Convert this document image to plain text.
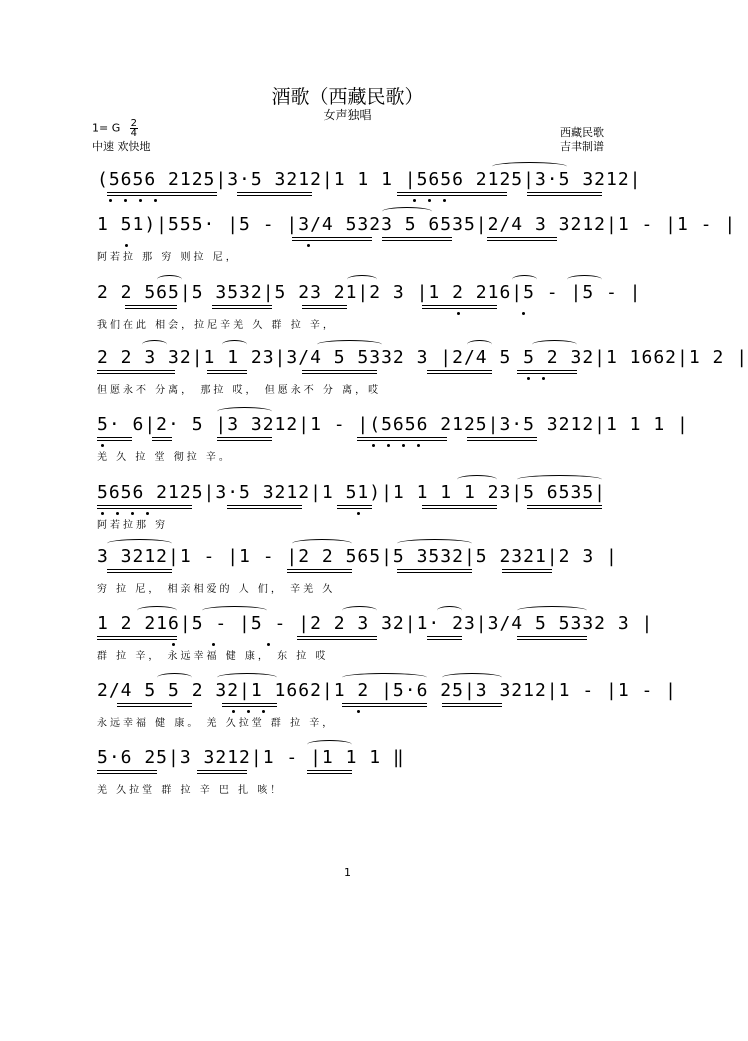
酒歌（西藏民歌）
女声独唱
1= G $\frac{2}{4}$
中速 欢快地
西藏民歌
吉聿制谱
(5656 2125|3·5 3212|1 1 1 |5656 2125|3·5 3212|
1 51)|555· |5 - |3/4 5323 5 6535|2/4 3 3212|1 - |1 - |
阿若拉 那 穷 则拉 尼，
2 2 565|5 3532|5 23 21|2 3 |1 2 216|5 - |5 - |
我们在此 相会，拉尼辛羌 久 群 拉 辛，
2 2 3 32|1 1 23|3/4 5 5332 3 |2/4 5 5 2 32|1 1662|1 2 |
但愿永不 分离， 那拉 哎， 但愿永不 分 离，哎
5· 6|2· 5 |3 3212|1 - |(5656 2125|3·5 3212|1 1 1 |
羌 久 拉 堂 彻拉 辛。
5656 2125|3·5 3212|1 51)|1 1 1 1 23|5 6535|
阿若拉那 穷
3 3212|1 - |1 - |2 2 565|5 3532|5 2321|2 3 |
穷 拉 尼， 相亲相爱的 人 们， 辛羌 久
1 2 216|5 - |5 - |2 2 3 32|1· 23|3/4 5 5332 3 |
群 拉 辛， 永远幸福 健 康， 东 拉 哎
2/4 5 5 2 32|1 1662|1 2 |5·6 25|3 3212|1 - |1 - |
永远幸福 健 康。 羌 久拉堂 群 拉 辛，
5·6 25|3 3212|1 - |1 1 1 ‖
羌 久拉堂 群 拉 辛 巴 扎 咳！
1
